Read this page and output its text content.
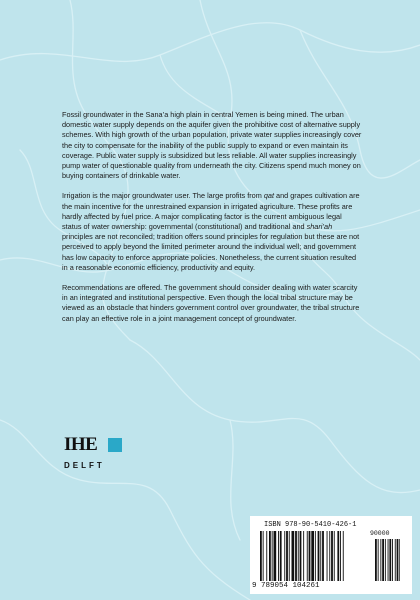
Fossil groundwater in the Sana’a high plain in central Yemen is being mined. The urban domestic water supply depends on the aquifer given the prohibitive cost of alternative supply schemes. With high growth of the urban population, private water supplies increasingly cover the city to compensate for the inability of the public supply to expand or even maintain its coverage. Public water supply is subsidized but less reliable. All water supplies increasingly pump water of questionable quality from underneath the city. Citizens spend much money on buying containers of drinkable water.

Irrigation is the major groundwater user. The large profits from qat and grapes cultivation are the main incentive for the unrestrained expansion in irrigated agriculture. These profits are hardly affected by fuel price. A major complicating factor is the current ambiguous legal status of water ownership: governmental (constitutional) and traditional and shari’ah principles are not reconciled; tradition offers sound principles for regulation but these are not perceived to apply beyond the limited perimeter around the individual well; and government has low capacity to enforce appropriate policies. Nonetheless, the current situation resulted in a reasonable economic efficiency, productivity and equity.

Recommendations are offered. The government should consider dealing with water scarcity in an integrated and institutional perspective. Even though the local tribal structure may be viewed as an obstacle that hinders government control over groundwater, the tribal structure can play an effective role in a joint management concept of groundwater.

IHE
DELFT
ISBN 978-90-5410-426-1
90000
9 789054 104261
